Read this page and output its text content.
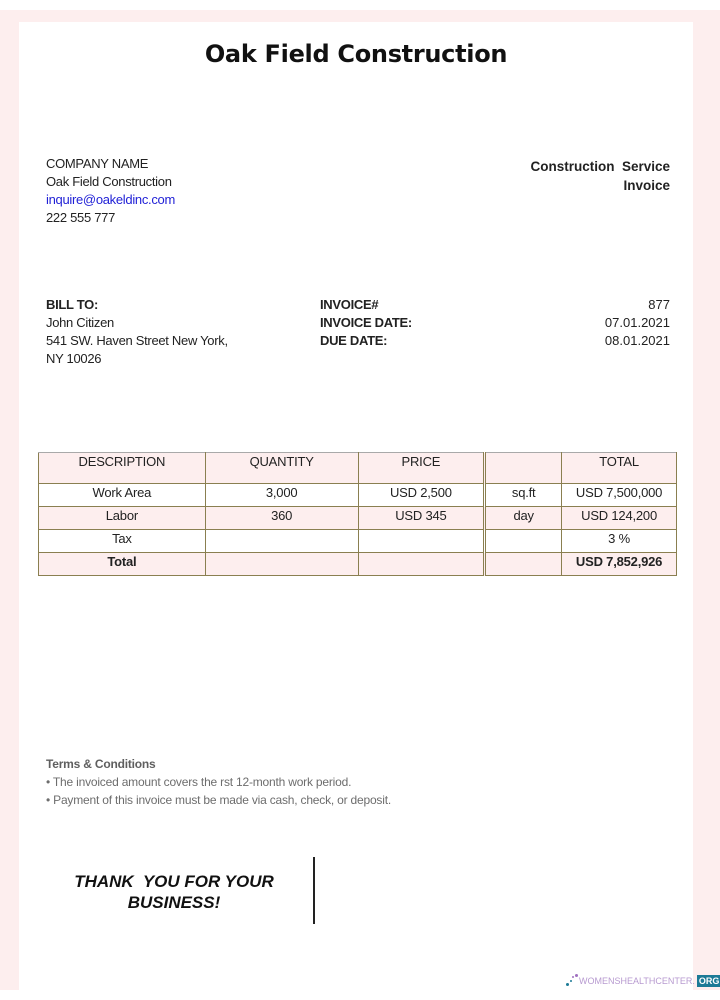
Oak Field Construction
COMPANY NAME
Oak Field Construction
inquire@oakeldinc.com
222 555 777
Construction  Service
Invoice
BILL TO:
John Citizen
541 SW. Haven Street New York,
NY 10026
INVOICE#	877
INVOICE DATE:	07.01.2021
DUE DATE:	08.01.2021
DESCRIPTION	QUANTITY	PRICE		TOTAL
Work Area	3,000	USD 2,500	sq.ft	USD 7,500,000
Labor	360	USD 345	day	USD 124,200
Tax				3 %
Total				USD 7,852,926
Terms & Conditions
• The invoiced amount covers the rst 12-month work period.
• Payment of this invoice must be made via cash, check, or deposit.
THANK  YOU FOR YOUR
BUSINESS!
WOMENSHEALTHCENTER. ORG
